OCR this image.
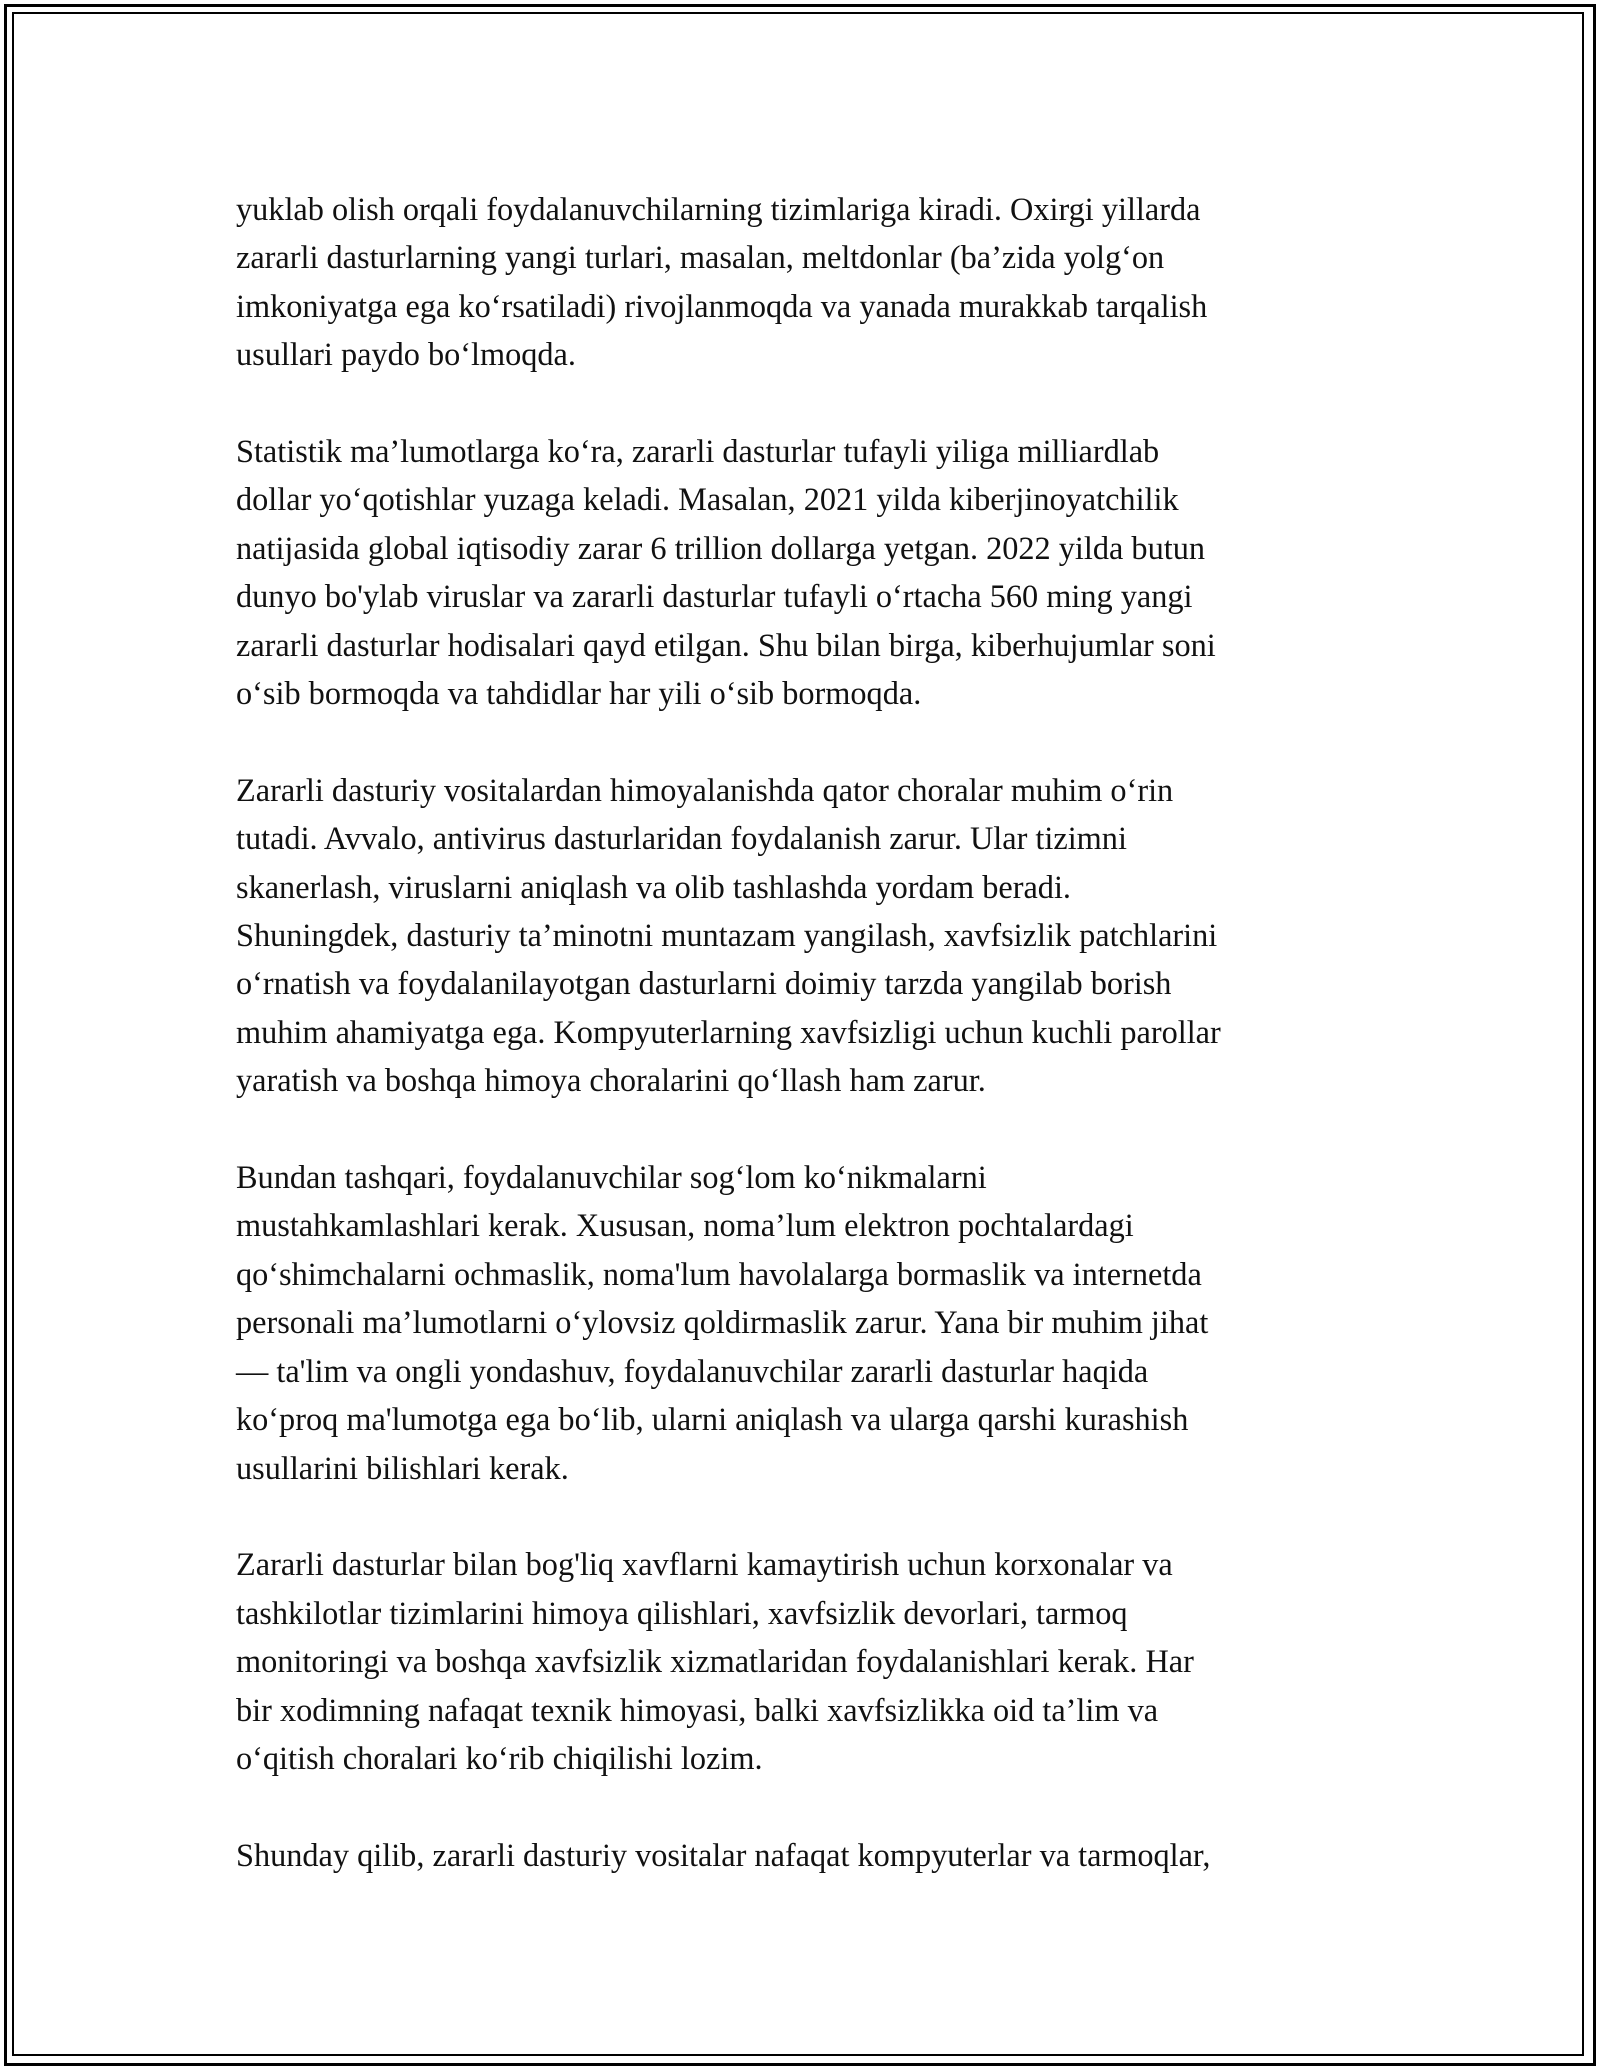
yuklab olish orqali foydalanuvchilarning tizimlariga kiradi. Oxirgi yillarda
zararli dasturlarning yangi turlari, masalan, meltdonlar (ba’zida yolg‘on
imkoniyatga ega ko‘rsatiladi) rivojlanmoqda va yanada murakkab tarqalish
usullari paydo bo‘lmoqda.

Statistik ma’lumotlarga ko‘ra, zararli dasturlar tufayli yiliga milliardlab
dollar yo‘qotishlar yuzaga keladi. Masalan, 2021 yilda kiberjinoyatchilik
natijasida global iqtisodiy zarar 6 trillion dollarga yetgan. 2022 yilda butun
dunyo bo'ylab viruslar va zararli dasturlar tufayli o‘rtacha 560 ming yangi
zararli dasturlar hodisalari qayd etilgan. Shu bilan birga, kiberhujumlar soni
o‘sib bormoqda va tahdidlar har yili o‘sib bormoqda.

Zararli dasturiy vositalardan himoyalanishda qator choralar muhim o‘rin
tutadi. Avvalo, antivirus dasturlaridan foydalanish zarur. Ular tizimni
skanerlash, viruslarni aniqlash va olib tashlashda yordam beradi.
Shuningdek, dasturiy ta’minotni muntazam yangilash, xavfsizlik patchlarini
o‘rnatish va foydalanilayotgan dasturlarni doimiy tarzda yangilab borish
muhim ahamiyatga ega. Kompyuterlarning xavfsizligi uchun kuchli parollar
yaratish va boshqa himoya choralarini qo‘llash ham zarur.

Bundan tashqari, foydalanuvchilar sog‘lom ko‘nikmalarni
mustahkamlashlari kerak. Xususan, noma’lum elektron pochtalardagi
qo‘shimchalarni ochmaslik, noma'lum havolalarga bormaslik va internetda
personali ma’lumotlarni o‘ylovsiz qoldirmaslik zarur. Yana bir muhim jihat
— ta'lim va ongli yondashuv, foydalanuvchilar zararli dasturlar haqida
ko‘proq ma'lumotga ega bo‘lib, ularni aniqlash va ularga qarshi kurashish
usullarini bilishlari kerak.

Zararli dasturlar bilan bog'liq xavflarni kamaytirish uchun korxonalar va
tashkilotlar tizimlarini himoya qilishlari, xavfsizlik devorlari, tarmoq
monitoringi va boshqa xavfsizlik xizmatlaridan foydalanishlari kerak. Har
bir xodimning nafaqat texnik himoyasi, balki xavfsizlikka oid ta’lim va
o‘qitish choralari ko‘rib chiqilishi lozim.

Shunday qilib, zararli dasturiy vositalar nafaqat kompyuterlar va tarmoqlar,
